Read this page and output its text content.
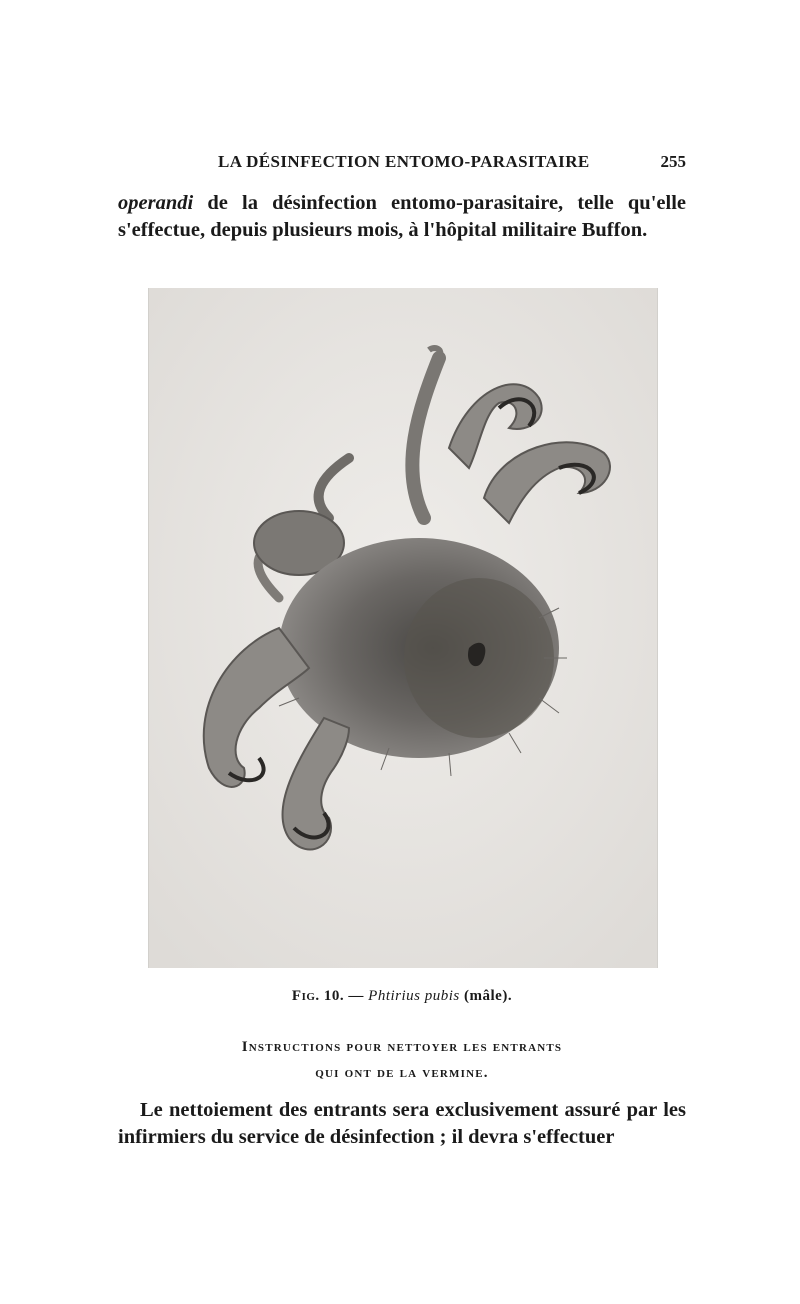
LA DÉSINFECTION ENTOMO-PARASITAIRE	255
operandi de la désinfection entomo-parasitaire, telle qu'elle s'effectue, depuis plusieurs mois, à l'hôpital militaire Buffon.
Fig. 10. — Phtirius pubis (mâle).
Instructions pour nettoyer les entrants
qui ont de la vermine.
Le nettoiement des entrants sera exclusivement assuré par les infirmiers du service de désinfection ; il devra s'effectuer
